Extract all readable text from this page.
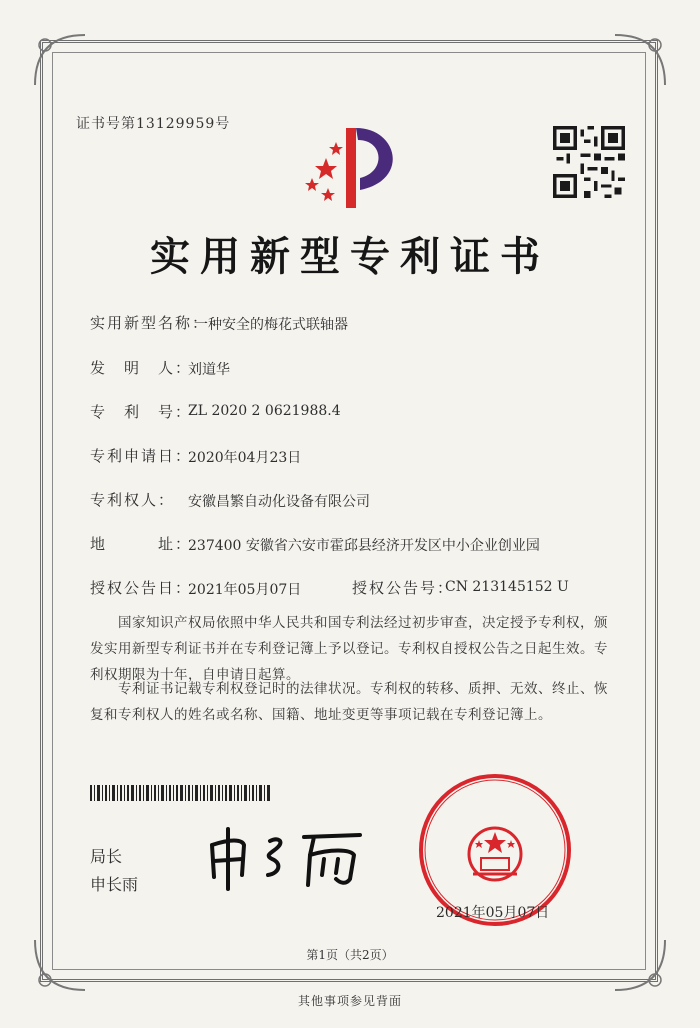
证书号第13129959号
实用新型专利证书
实用新型名称：
一种安全的梅花式联轴器
发　明　人：
刘道华
专　利　号：
ZL 2020 2 0621988.4
专利申请日：
2020年04月23日
专利权人： 安徽昌繁自动化设备有限公司
地	址：
237400 安徽省六安市霍邱县经济开发区中小企业创业园
授权公告日：
2021年05月07日	授权公告号：
CN 213145152 U
国家知识产权局依照中华人民共和国专利法经过初步审查，决定授予专利权，颁发实用新型专利证书并在专利登记簿上予以登记。专利权自授权公告之日起生效。专利权期限为十年，自申请日起算。
专利证书记载专利权登记时的法律状况。专利权的转移、质押、无效、终止、恢复和专利权人的姓名或名称、国籍、地址变更等事项记载在专利登记簿上。
局长
申长雨
2021年05月07日
第1页（共2页）
其他事项参见背面
